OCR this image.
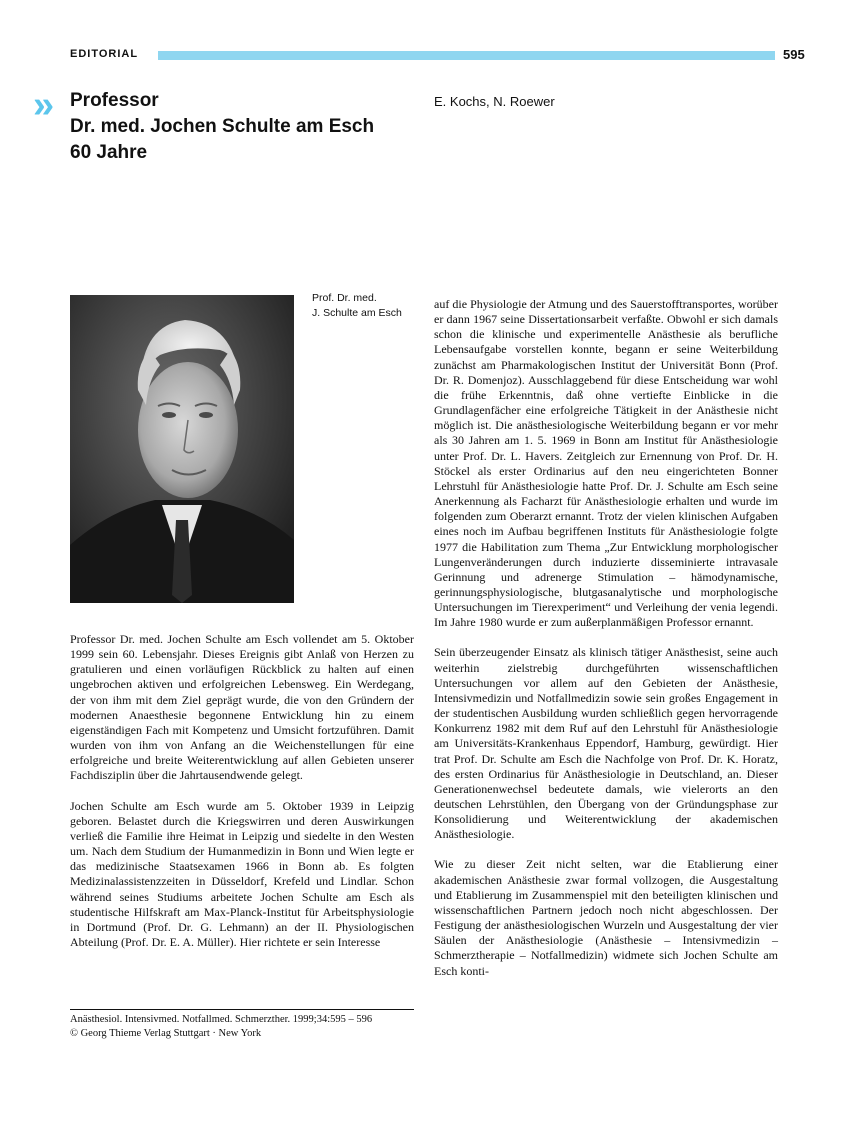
EDITORIAL	595
» Professor
Dr. med. Jochen Schulte am Esch
60 Jahre
E. Kochs, N. Roewer
Prof. Dr. med.
J. Schulte am Esch

Professor Dr. med. Jochen Schulte am Esch vollendet am 5. Oktober 1999 sein 60. Lebensjahr. Dieses Ereignis gibt Anlaß von Herzen zu gratulieren und einen vorläufigen Rückblick zu halten auf einen ungebrochen aktiven und erfolgreichen Lebensweg. Ein Werdegang, der von ihm mit dem Ziel geprägt wurde, die von den Gründern der modernen Anaesthesie begonnene Entwicklung hin zu einem eigenständigen Fach mit Kompetenz und Umsicht fortzuführen. Damit wurden von ihm von Anfang an die Weichenstellungen für eine erfolgreiche und breite Weiterentwicklung auf allen Gebieten unserer Fachdisziplin über die Jahrtausendwende gelegt.

Jochen Schulte am Esch wurde am 5. Oktober 1939 in Leipzig geboren. Belastet durch die Kriegswirren und deren Auswirkungen verließ die Familie ihre Heimat in Leipzig und siedelte in den Westen um. Nach dem Studium der Humanmedizin in Bonn und Wien legte er das medizinische Staatsexamen 1966 in Bonn ab. Es folgten Medizinalassistenzzeiten in Düsseldorf, Krefeld und Lindlar. Schon während seines Studiums arbeitete Jochen Schulte am Esch als studentische Hilfskraft am Max-Planck-Institut für Arbeitsphysiologie in Dortmund (Prof. Dr. G. Lehmann) an der II. Physiologischen Abteilung (Prof. Dr. E. A. Müller). Hier richtete er sein Interesse

auf die Physiologie der Atmung und des Sauerstofftransportes, worüber er dann 1967 seine Dissertationsarbeit verfaßte. Obwohl er sich damals schon die klinische und experimentelle Anästhesie als berufliche Lebensaufgabe vorstellen konnte, begann er seine Weiterbildung zunächst am Pharmakologischen Institut der Universität Bonn (Prof. Dr. R. Domenjoz). Ausschlaggebend für diese Entscheidung war wohl die frühe Erkenntnis, daß ohne vertiefte Einblicke in die Grundlagenfächer eine erfolgreiche Tätigkeit in der Anästhesie nicht möglich ist. Die anästhesiologische Weiterbildung begann er vor mehr als 30 Jahren am 1. 5. 1969 in Bonn am Institut für Anästhesiologie unter Prof. Dr. L. Havers. Zeitgleich zur Ernennung von Prof. Dr. H. Stöckel als erster Ordinarius auf den neu eingerichteten Bonner Lehrstuhl für Anästhesiologie hatte Prof. Dr. J. Schulte am Esch seine Anerkennung als Facharzt für Anästhesiologie erhalten und wurde im folgenden zum Oberarzt ernannt. Trotz der vielen klinischen Aufgaben eines noch im Aufbau begriffenen Instituts für Anästhesiologie folgte 1977 die Habilitation zum Thema „Zur Entwicklung morphologischer Lungenveränderungen durch induzierte disseminierte intravasale Gerinnung und adrenerge Stimulation – hämodynamische, gerinnungsphysiologische, blutgasanalytische und morphologische Untersuchungen im Tierexperiment“ und Verleihung der venia legendi. Im Jahre 1980 wurde er zum außerplanmäßigen Professor ernannt.

Sein überzeugender Einsatz als klinisch tätiger Anästhesist, seine auch weiterhin zielstrebig durchgeführten wissenschaftlichen Untersuchungen vor allem auf den Gebieten der Anästhesie, Intensivmedizin und Notfallmedizin sowie sein großes Engagement in der studentischen Ausbildung wurden schließlich gegen hervorragende Konkurrenz 1982 mit dem Ruf auf den Lehrstuhl für Anästhesiologie am Universitäts-Krankenhaus Eppendorf, Hamburg, gewürdigt. Hier trat Prof. Dr. Schulte am Esch die Nachfolge von Prof. Dr. K. Horatz, des ersten Ordinarius für Anästhesiologie in Deutschland, an. Dieser Generationenwechsel bedeutete damals, wie vielerorts an den deutschen Lehrstühlen, den Übergang von der Gründungsphase zur Konsolidierung und Weiterentwicklung der akademischen Anästhesiologie.

Wie zu dieser Zeit nicht selten, war die Etablierung einer akademischen Anästhesie zwar formal vollzogen, die Ausgestaltung und Etablierung im Zusammenspiel mit den beteiligten klinischen und wissenschaftlichen Partnern jedoch noch nicht abgeschlossen. Der Festigung der anästhesiologischen Wurzeln und Ausgestaltung der vier Säulen der Anästhesiologie (Anästhesie – Intensivmedizin – Schmerztherapie – Notfallmedizin) widmete sich Jochen Schulte am Esch konti-

Anästhesiol. Intensivmed. Notfallmed. Schmerzther. 1999;34:595 – 596
© Georg Thieme Verlag Stuttgart · New York
